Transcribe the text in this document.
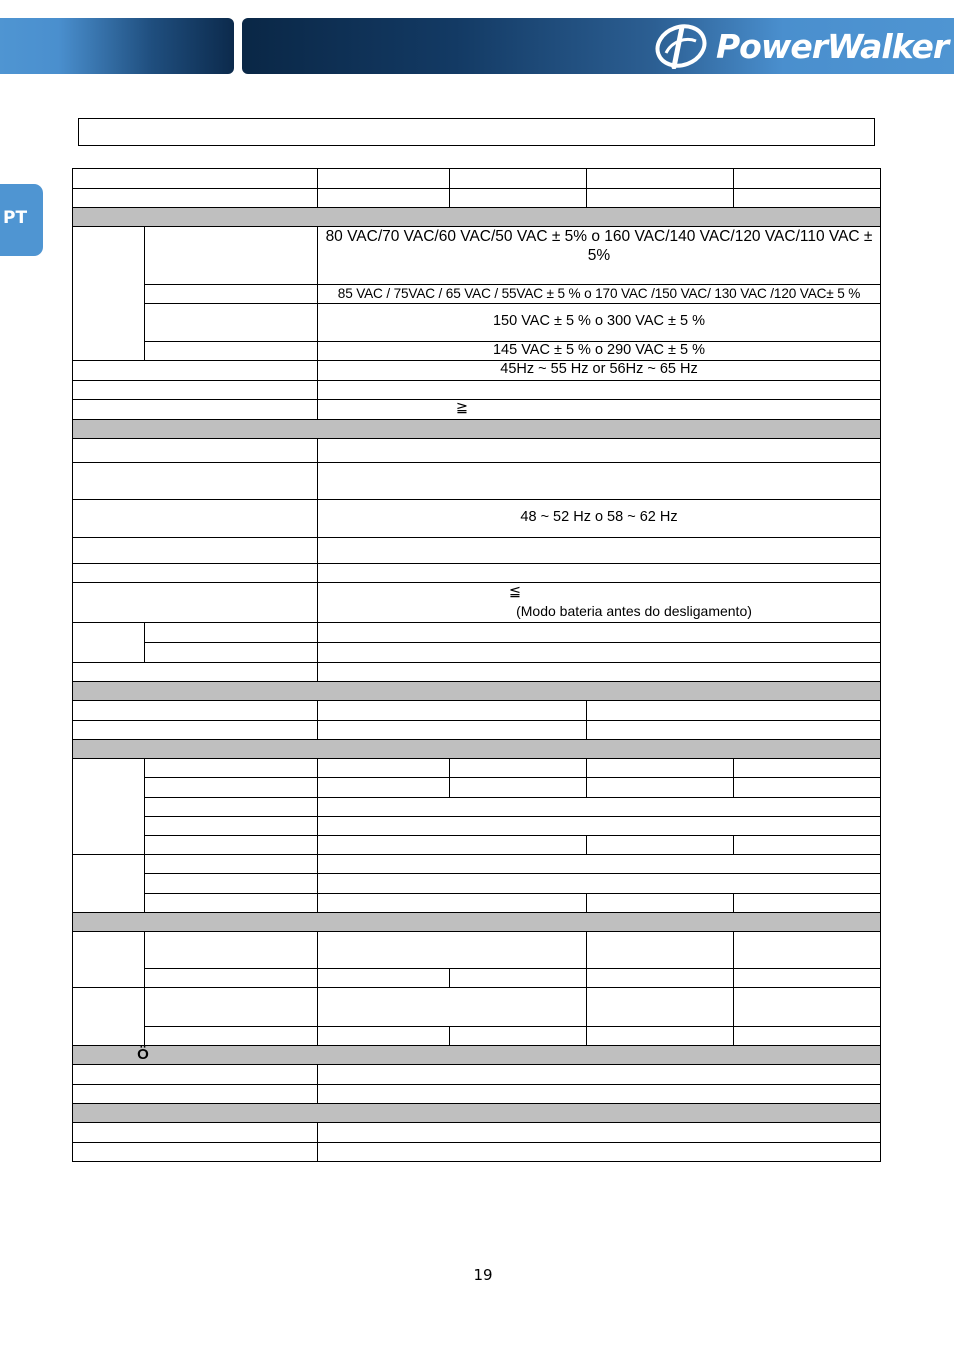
PowerWalker
PT
80 VAC/70 VAC/60 VAC/50 VAC ± 5% o 160 VAC/140 VAC/120 VAC/110 VAC ±
5%
85 VAC / 75VAC / 65 VAC / 55VAC ± 5 % o 170 VAC /150 VAC/ 130 VAC /120 VAC± 5 %
150 VAC ± 5 % o 300 VAC ± 5 %
145 VAC ± 5 % o 290 VAC ± 5 %
45Hz ~ 55 Hz or 56Hz ~ 65 Hz
≧
48 ~ 52 Hz o 58 ~ 62 Hz
≦
(Modo bateria antes do desligamento)
Ö
19
